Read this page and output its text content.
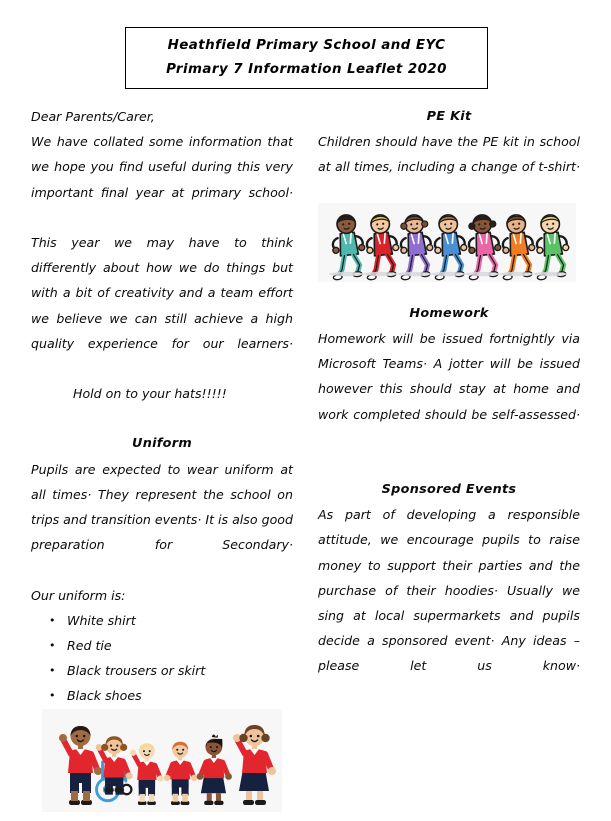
Heathfield Primary School and EYC
Primary 7 Information Leaflet 2020

Dear Parents/Carer,

We have collated some information that we hope you find useful during this very important final year at primary school·

This year we may have to think differently about how we do things but with a bit of creativity and a team effort we believe we can still achieve a high quality experience for our learners·

Hold on to your hats!!!!!

Uniform

Pupils are expected to wear uniform at all times· They represent the school on trips and transition events· It is also good preparation for Secondary·

Our uniform is:

• White shirt
• Red tie
• Black trousers or skirt
• Black shoes
PE Kit

Children should have the PE kit in school at all times, including a change of t-shirt·

Homework

Homework will be issued fortnightly via Microsoft Teams· A jotter will be issued however this should stay at home and work completed should be self-assessed·

Sponsored Events

As part of developing a responsible attitude, we encourage pupils to raise money to support their parties and the purchase of their hoodies· Usually we sing at local supermarkets and pupils decide a sponsored event· Any ideas – please let us know·
